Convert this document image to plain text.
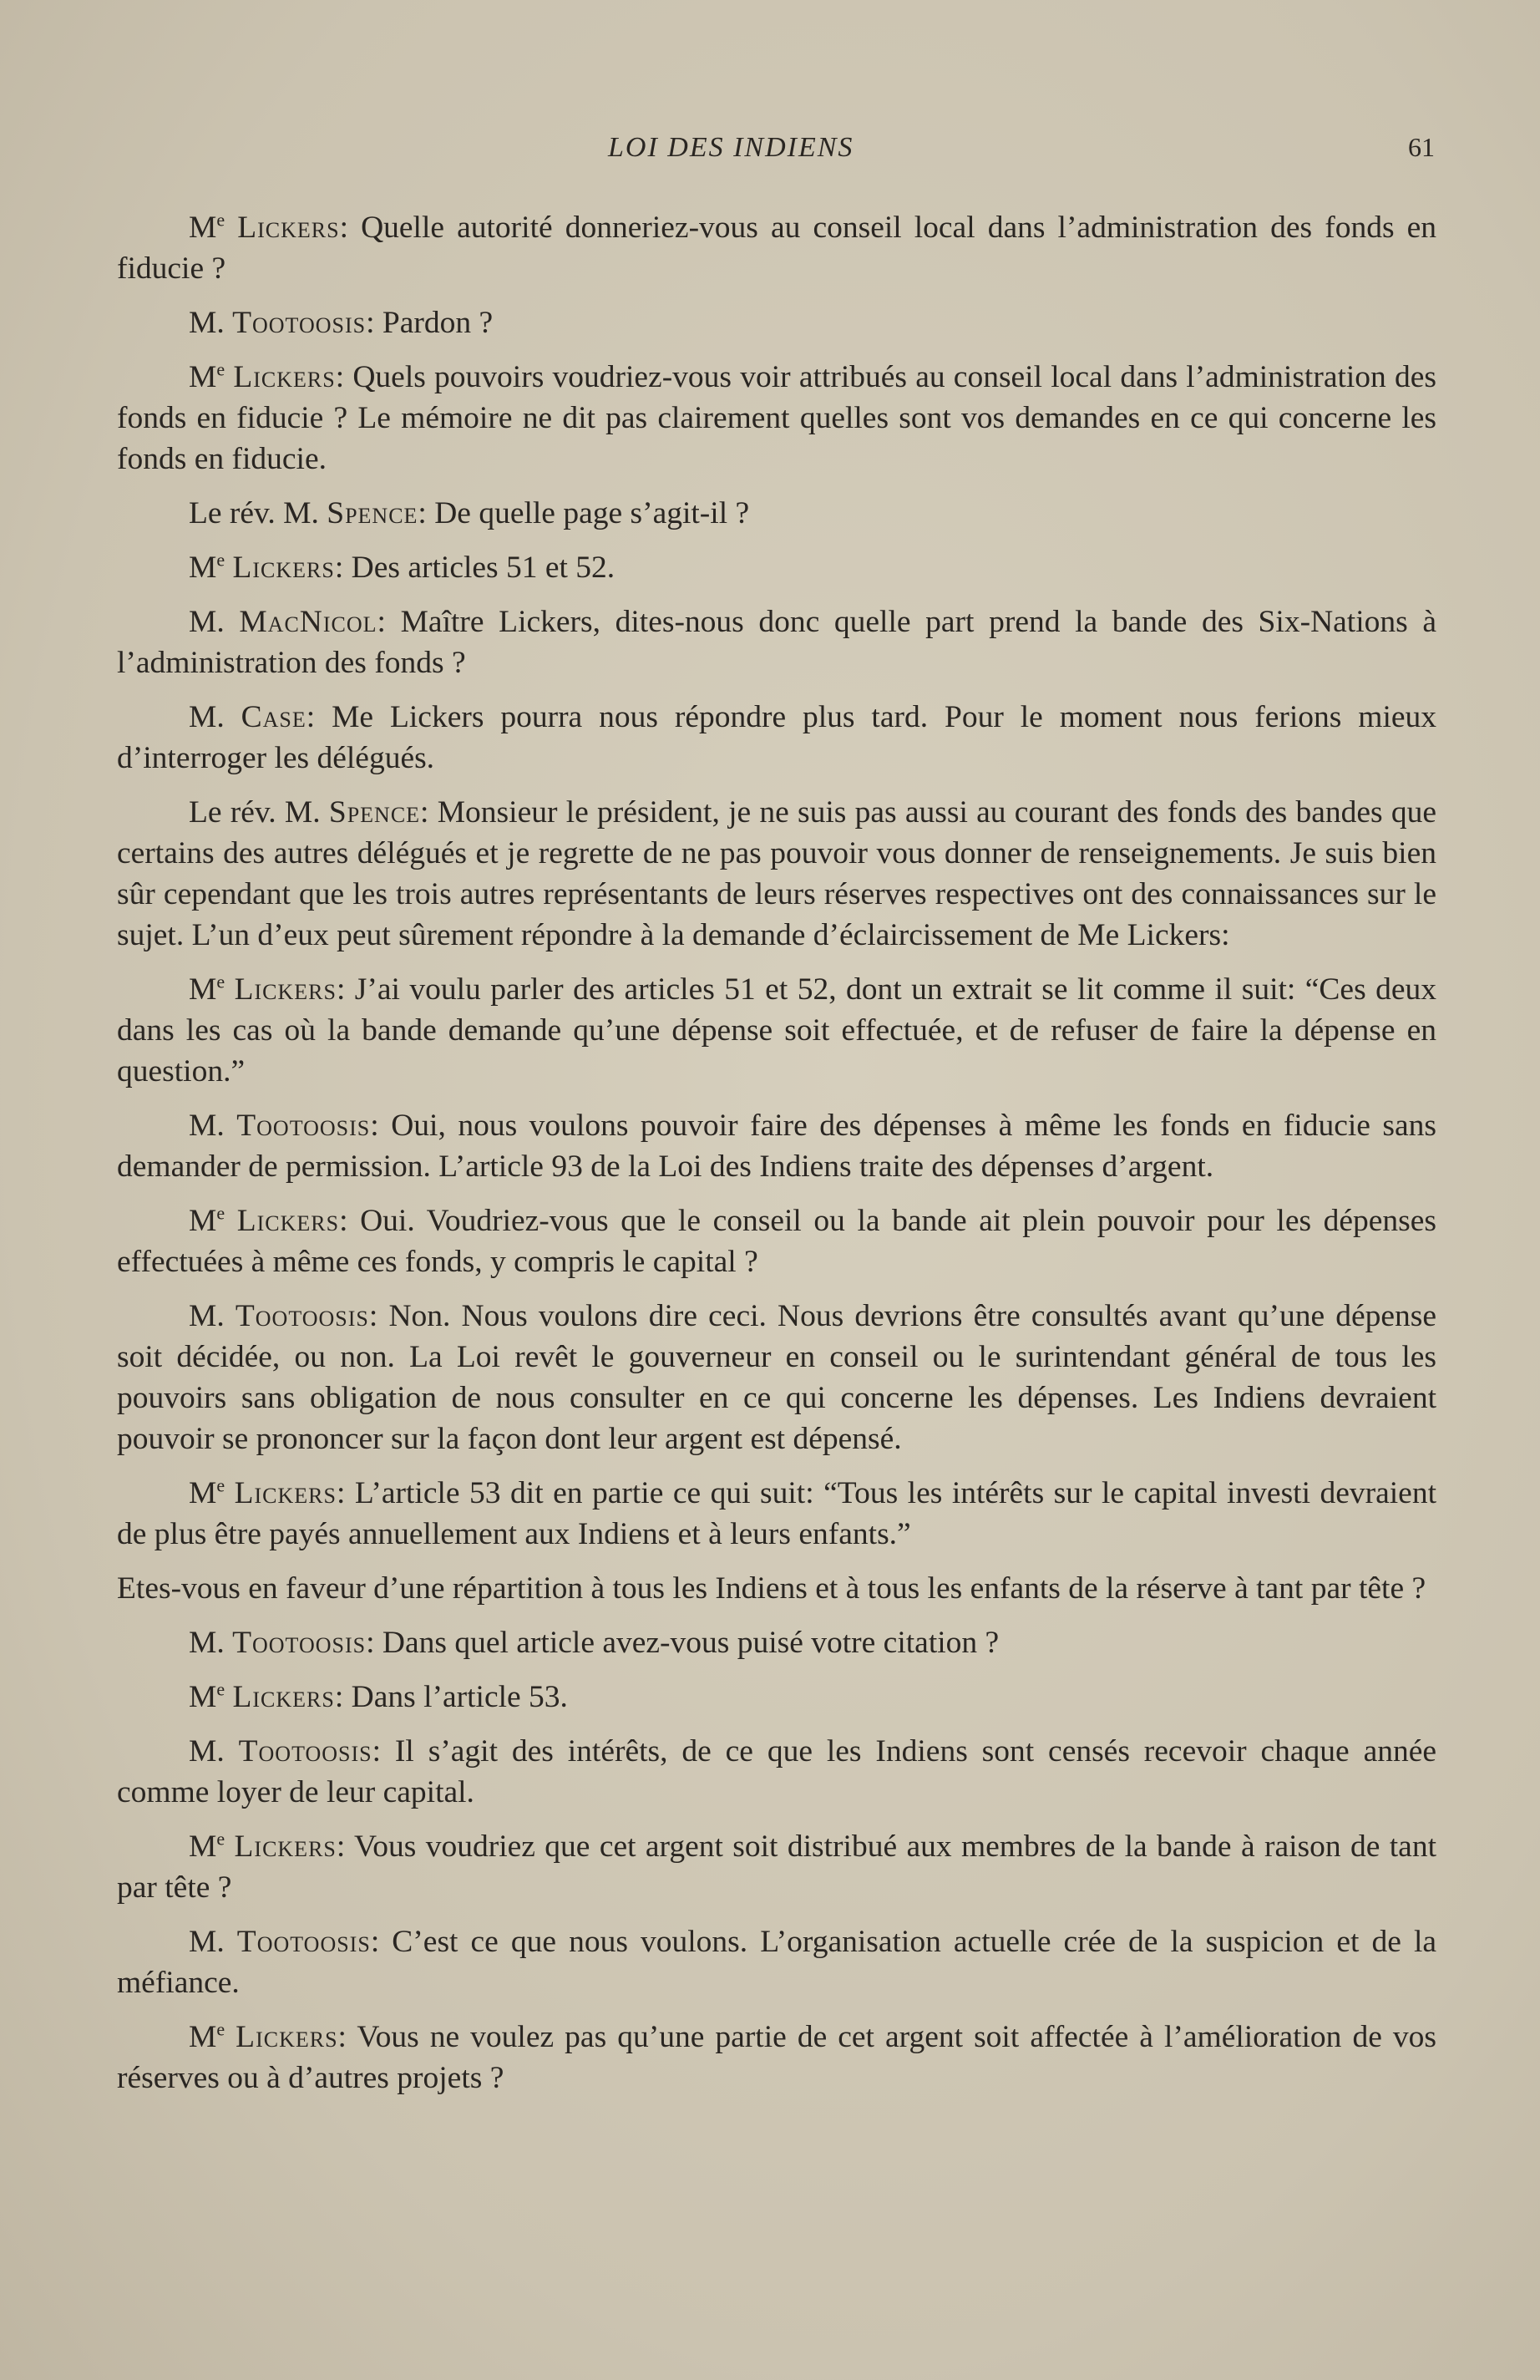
LOI DES INDIENS	61

Me Lickers: Quelle autorité donneriez-vous au conseil local dans l’administration des fonds en fiducie ?

M. Tootoosis: Pardon ?

Me Lickers: Quels pouvoirs voudriez-vous voir attribués au conseil local dans l’administration des fonds en fiducie ? Le mémoire ne dit pas clairement quelles sont vos demandes en ce qui concerne les fonds en fiducie.

Le rév. M. Spence: De quelle page s’agit-il ?

Me Lickers: Des articles 51 et 52.

M. MacNicol: Maître Lickers, dites-nous donc quelle part prend la bande des Six-Nations à l’administration des fonds ?

M. Case: Me Lickers pourra nous répondre plus tard. Pour le moment nous ferions mieux d’interroger les délégués.

Le rév. M. Spence: Monsieur le président, je ne suis pas aussi au courant des fonds des bandes que certains des autres délégués et je regrette de ne pas pouvoir vous donner de renseignements. Je suis bien sûr cependant que les trois autres représentants de leurs réserves respectives ont des connaissances sur le sujet. L’un d’eux peut sûrement répondre à la demande d’éclaircissement de Me Lickers:

Me Lickers: J’ai voulu parler des articles 51 et 52, dont un extrait se lit comme il suit: “Ces deux dans les cas où la bande demande qu’une dépense soit effectuée, et de refuser de faire la dépense en question.”

M. Tootoosis: Oui, nous voulons pouvoir faire des dépenses à même les fonds en fiducie sans demander de permission. L’article 93 de la Loi des Indiens traite des dépenses d’argent.

Me Lickers: Oui. Voudriez-vous que le conseil ou la bande ait plein pouvoir pour les dépenses effectuées à même ces fonds, y compris le capital ?

M. Tootoosis: Non. Nous voulons dire ceci. Nous devrions être consultés avant qu’une dépense soit décidée, ou non. La Loi revêt le gouverneur en conseil ou le surintendant général de tous les pouvoirs sans obligation de nous consulter en ce qui concerne les dépenses. Les Indiens devraient pouvoir se prononcer sur la façon dont leur argent est dépensé.

Me Lickers: L’article 53 dit en partie ce qui suit: “Tous les intérêts sur le capital investi devraient de plus être payés annuellement aux Indiens et à leurs enfants.”

Etes-vous en faveur d’une répartition à tous les Indiens et à tous les enfants de la réserve à tant par tête ?

M. Tootoosis: Dans quel article avez-vous puisé votre citation ?

Me Lickers: Dans l’article 53.

M. Tootoosis: Il s’agit des intérêts, de ce que les Indiens sont censés recevoir chaque année comme loyer de leur capital.

Me Lickers: Vous voudriez que cet argent soit distribué aux membres de la bande à raison de tant par tête ?

M. Tootoosis: C’est ce que nous voulons. L’organisation actuelle crée de la suspicion et de la méfiance.

Me Lickers: Vous ne voulez pas qu’une partie de cet argent soit affectée à l’amélioration de vos réserves ou à d’autres projets ?
